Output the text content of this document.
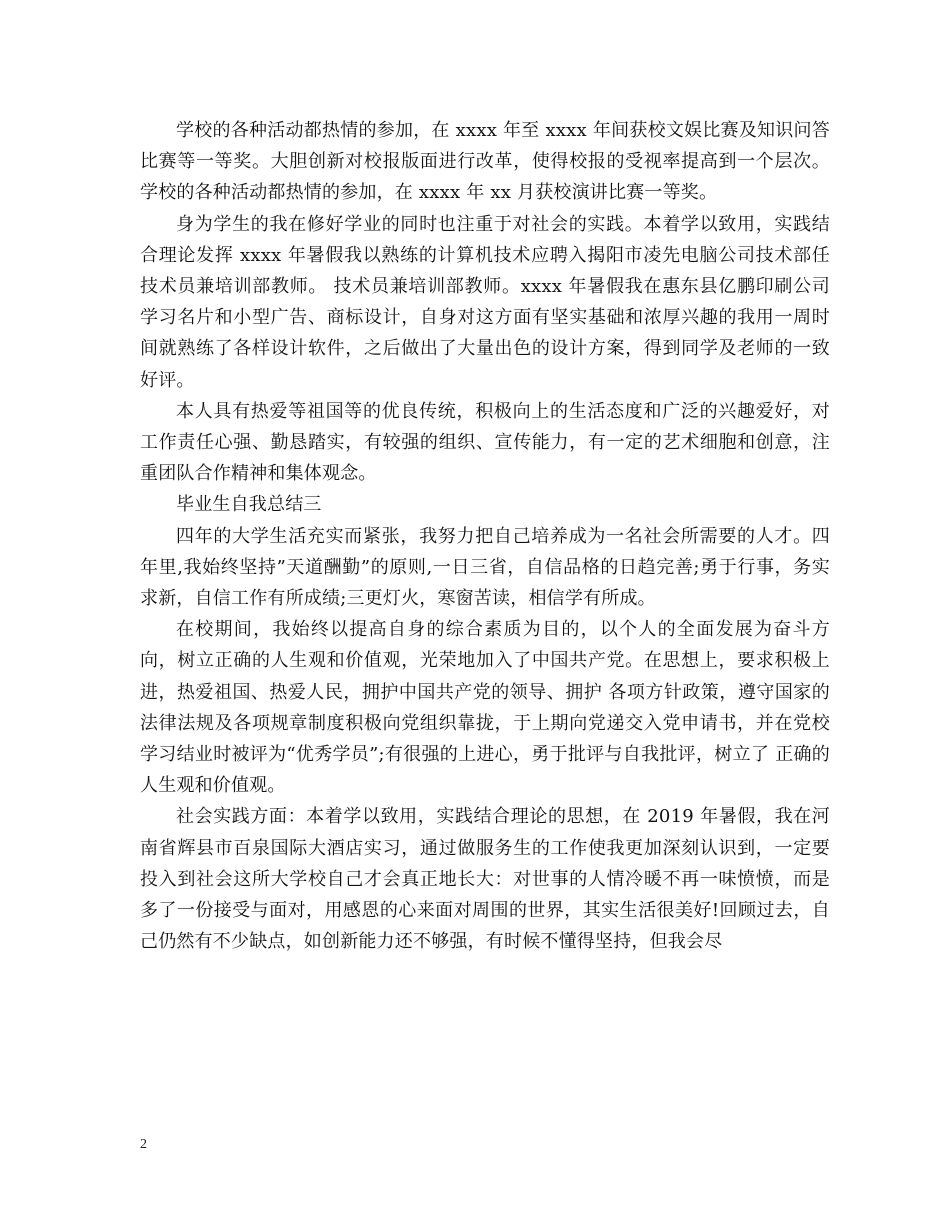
学校的各种活动都热情的参加，在 xxxx 年至 xxxx 年间获校文娱比赛及知识问答比赛等一等奖。大胆创新对校报版面进行改革，使得校报的受视率提高到一个层次。学校的各种活动都热情的参加，在 xxxx 年 xx 月获校演讲比赛一等奖。

身为学生的我在修好学业的同时也注重于对社会的实践。本着学以致用，实践结合理论发挥 xxxx 年暑假我以熟练的计算机技术应聘入揭阳市凌先电脑公司技术部任技术员兼培训部教师。 技术员兼培训部教师。xxxx 年暑假我在惠东县亿鹏印刷公司学习名片和小型广告、商标设计，自身对这方面有坚实基础和浓厚兴趣的我用一周时间就熟练了各样设计软件，之后做出了大量出色的设计方案，得到同学及老师的一致好评。

本人具有热爱等祖国等的优良传统，积极向上的生活态度和广泛的兴趣爱好，对工作责任心强、勤恳踏实，有较强的组织、宣传能力，有一定的艺术细胞和创意，注重团队合作精神和集体观念。

毕业生自我总结三

四年的大学生活充实而紧张，我努力把自己培养成为一名社会所需要的人才。四年里,我始终坚持”天道酬勤”的原则,一日三省，自信品格的日趋完善;勇于行事，务实求新，自信工作有所成绩;三更灯火，寒窗苦读，相信学有所成。

在校期间，我始终以提高自身的综合素质为目的，以个人的全面发展为奋斗方向，树立正确的人生观和价值观，光荣地加入了中国共产党。在思想上，要求积极上进，热爱祖国、热爱人民，拥护中国共产党的领导、拥护 各项方针政策，遵守国家的法律法规及各项规章制度积极向党组织靠拢，于上期向党递交入党申请书，并在党校学习结业时被评为“优秀学员”;有很强的上进心，勇于批评与自我批评，树立了 正确的人生观和价值观。

社会实践方面：本着学以致用，实践结合理论的思想，在 2019 年暑假，我在河南省辉县市百泉国际大酒店实习，通过做服务生的工作使我更加深刻认识到，一定要投入到社会这所大学校自己才会真正地长大：对世事的人情冷暖不再一味愤愤，而是多了一份接受与面对，用感恩的心来面对周围的世界，其实生活很美好!回顾过去，自己仍然有不少缺点，如创新能力还不够强，有时候不懂得坚持，但我会尽

2
